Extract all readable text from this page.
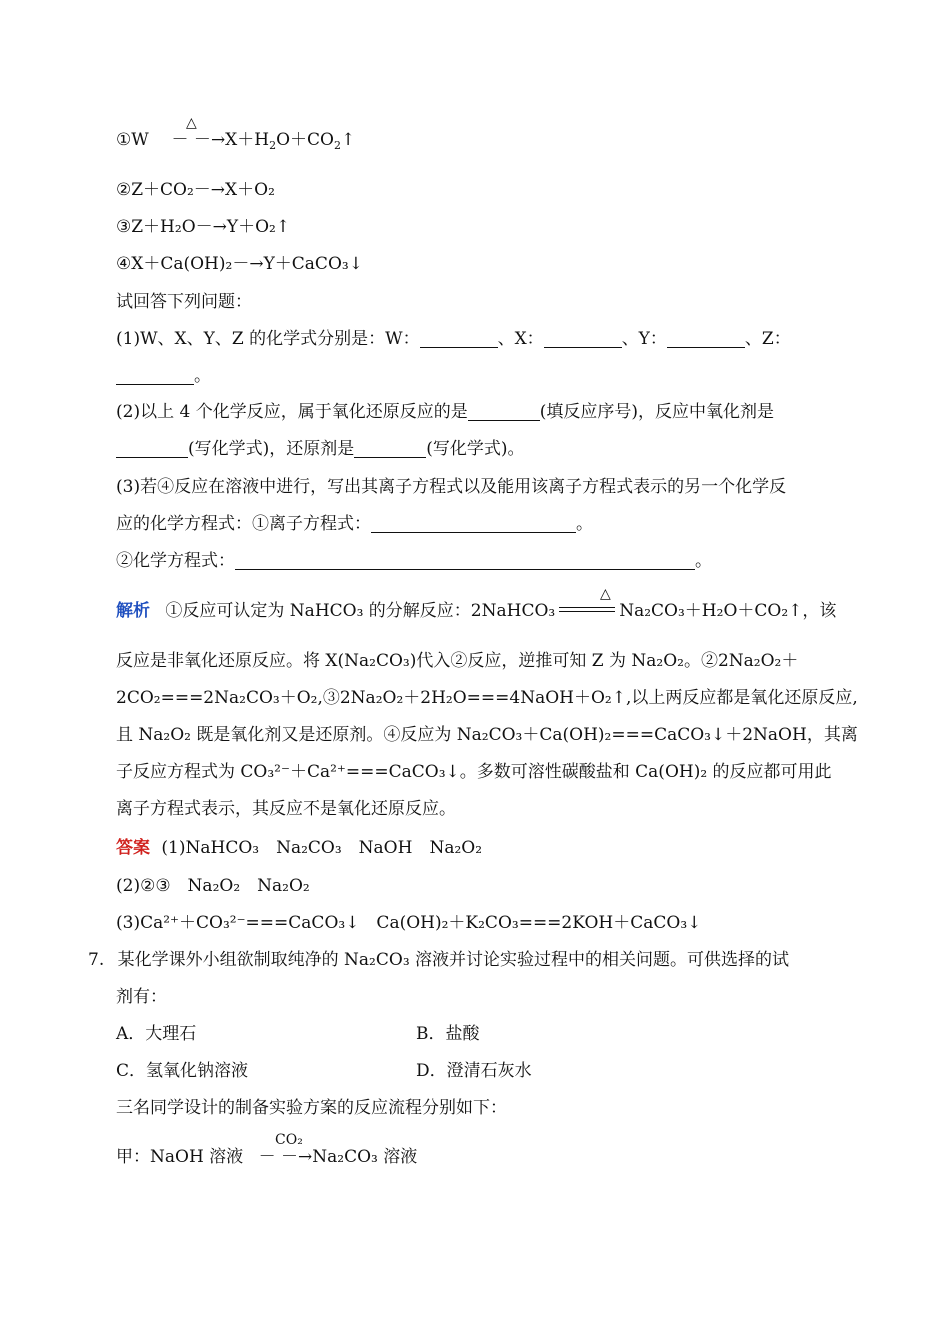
△
①W － $-\to X+H_2O+CO_2↑$
②Z＋CO₂－→X＋O₂
③Z＋H₂O－→Y＋O₂↑
④X＋Ca(OH)₂－→Y＋CaCO₃↓
试回答下列问题：
(1)W、X、Y、Z 的化学式分别是：W：	、X：	、Y：	、Z：
。
(2)以上 4 个化学反应，属于氧化还原反应的是	(填反应序号)，反应中氧化剂是
(写化学式)，还原剂是	(写化学式)。
(3)若④反应在溶液中进行，写出其离子方程式以及能用该离子方程式表示的另一个化学反
应的化学方程式：①离子方程式：	。
②化学方程式：	。
△
解析 ①反应可认定为 NaHCO₃ 的分解反应：2NaHCO₃	Na₂CO₃＋H₂O＋CO₂↑，该
反应是非氧化还原反应。将 X(Na₂CO₃)代入②反应，逆推可知 Z 为 Na₂O₂。②2Na₂O₂＋
2CO₂===2Na₂CO₃＋O₂,③2Na₂O₂＋2H₂O===4NaOH＋O₂↑,以上两反应都是氧化还原反应,
且 Na₂O₂ 既是氧化剂又是还原剂。④反应为 Na₂CO₃＋Ca(OH)₂===CaCO₃↓＋2NaOH，其离
子反应方程式为 CO₃²⁻＋Ca²⁺===CaCO₃↓。多数可溶性碳酸盐和 Ca(OH)₂ 的反应都可用此
离子方程式表示，其反应不是氧化还原反应。
答案 (1)NaHCO₃　Na₂CO₃　NaOH　Na₂O₂
(2)②③　Na₂O₂　Na₂O₂
(3)Ca²⁺＋CO₃²⁻===CaCO₃↓　Ca(OH)₂＋K₂CO₃===2KOH＋CaCO₃↓
7. 某化学课外小组欲制取纯净的 Na₂CO₃ 溶液并讨论实验过程中的相关问题。可供选择的试
剂有：
A．大理石	B．盐酸
C．氢氧化钠溶液	D．澄清石灰水
三名同学设计的制备实验方案的反应流程分别如下：
CO₂
甲：NaOH 溶液 － －→Na₂CO₃ 溶液
